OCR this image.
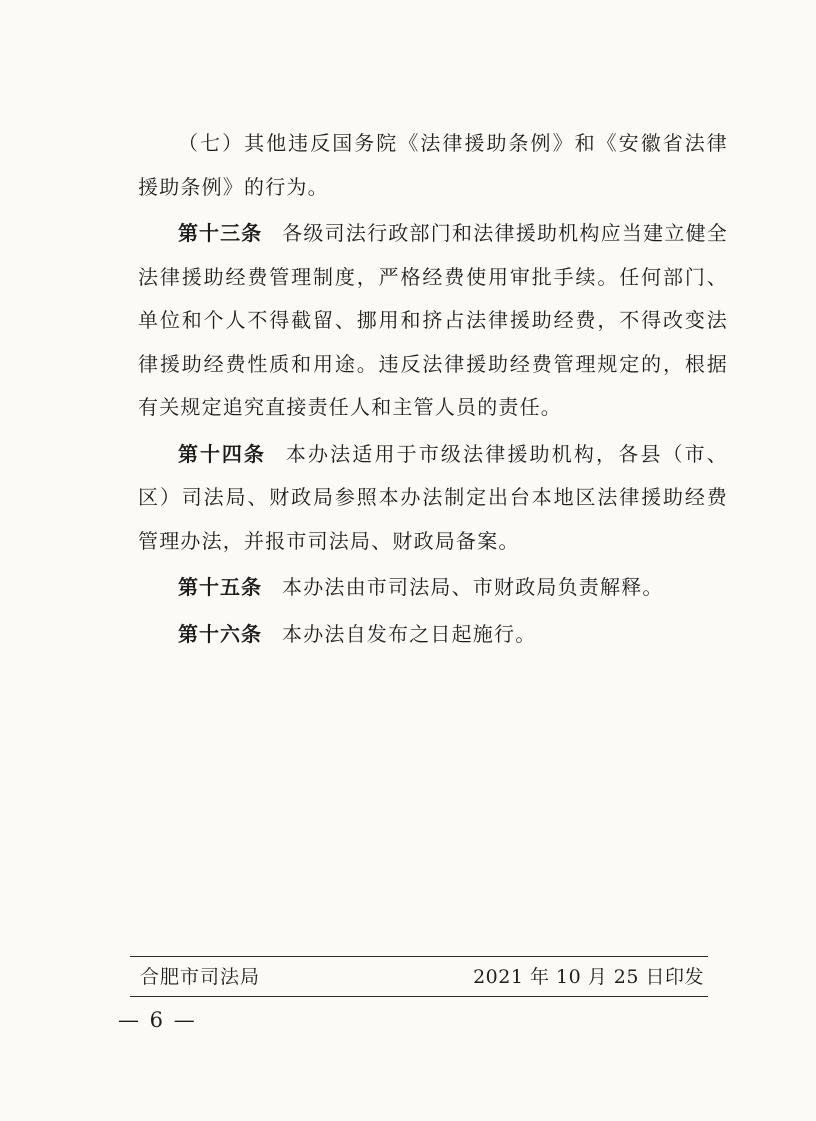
（七）其他违反国务院《法律援助条例》和《安徽省法律援助条例》的行为。

第十三条 各级司法行政部门和法律援助机构应当建立健全法律援助经费管理制度，严格经费使用审批手续。任何部门、单位和个人不得截留、挪用和挤占法律援助经费，不得改变法律援助经费性质和用途。违反法律援助经费管理规定的，根据有关规定追究直接责任人和主管人员的责任。

第十四条 本办法适用于市级法律援助机构，各县（市、区）司法局、财政局参照本办法制定出台本地区法律援助经费管理办法，并报市司法局、财政局备案。

第十五条 本办法由市司法局、市财政局负责解释。

第十六条 本办法自发布之日起施行。

合肥市司法局	2021 年 10 月 25 日印发
— 6 —
